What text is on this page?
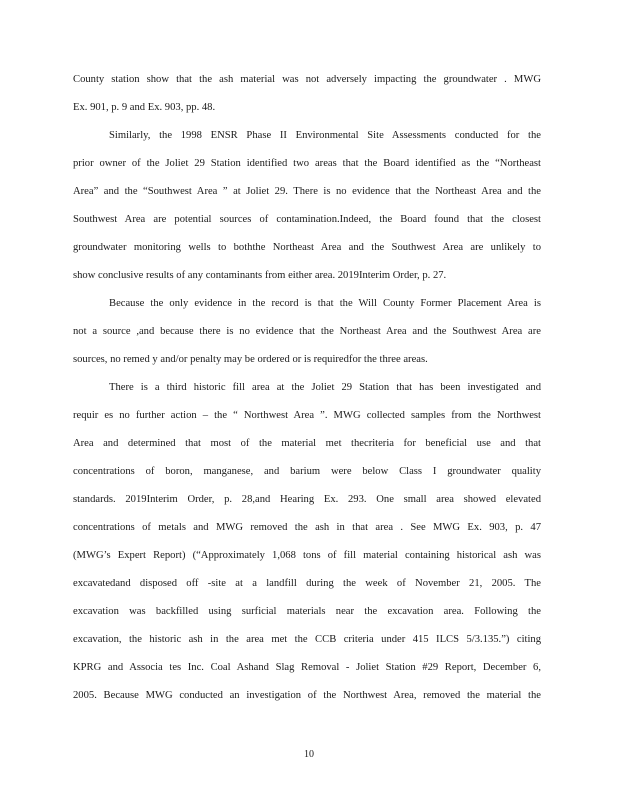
County station show that the ash material was not adversely impacting the groundwater . MWG
Ex. 901, p. 9 and Ex. 903, pp. 48.
Similarly, the 1998 ENSR Phase II Environmental Site Assessments conducted for the
prior owner of the Joliet 29 Station identified two areas that the Board identified as the “Northeast
Area” and the “Southwest Area ” at Joliet 29. There is no evidence that the Northeast Area and the
Southwest Area are potential sources of contamination.Indeed, the Board found that the closest
groundwater monitoring wells to boththe Northeast Area and the Southwest Area are unlikely to
show conclusive results of any contaminants from either area. 2019Interim Order, p. 27.
Because the only evidence in the record is that the Will County Former Placement Area is
not a source ,and because there is no evidence that the Northeast Area and the Southwest Area are
sources, no remed y and/or penalty may be ordered or is requiredfor the three areas.
There is a third historic fill area at the Joliet 29 Station that has been investigated and
requir es no further action – the “ Northwest Area ”. MWG collected samples from the Northwest
Area and determined that most of the material met thecriteria for beneficial use and that
concentrations of boron, manganese, and barium were below Class I groundwater quality
standards. 2019Interim Order, p. 28,and Hearing Ex. 293. One small area showed elevated
concentrations of metals and MWG removed the ash in that area . See MWG Ex. 903, p. 47
(MWG’s Expert Report) (“Approximately 1,068 tons of fill material containing historical ash was
excavatedand disposed off -site at a landfill during the week of November 21, 2005. The
excavation was backfilled using surficial materials near the excavation area. Following the
excavation, the historic ash in the area met the CCB criteria under 415 ILCS 5/3.135.”) citing
KPRG and Associa tes Inc. Coal Ashand Slag Removal - Joliet Station #29 Report, December 6,
2005. Because MWG conducted an investigation of the Northwest Area, removed the material the
10
